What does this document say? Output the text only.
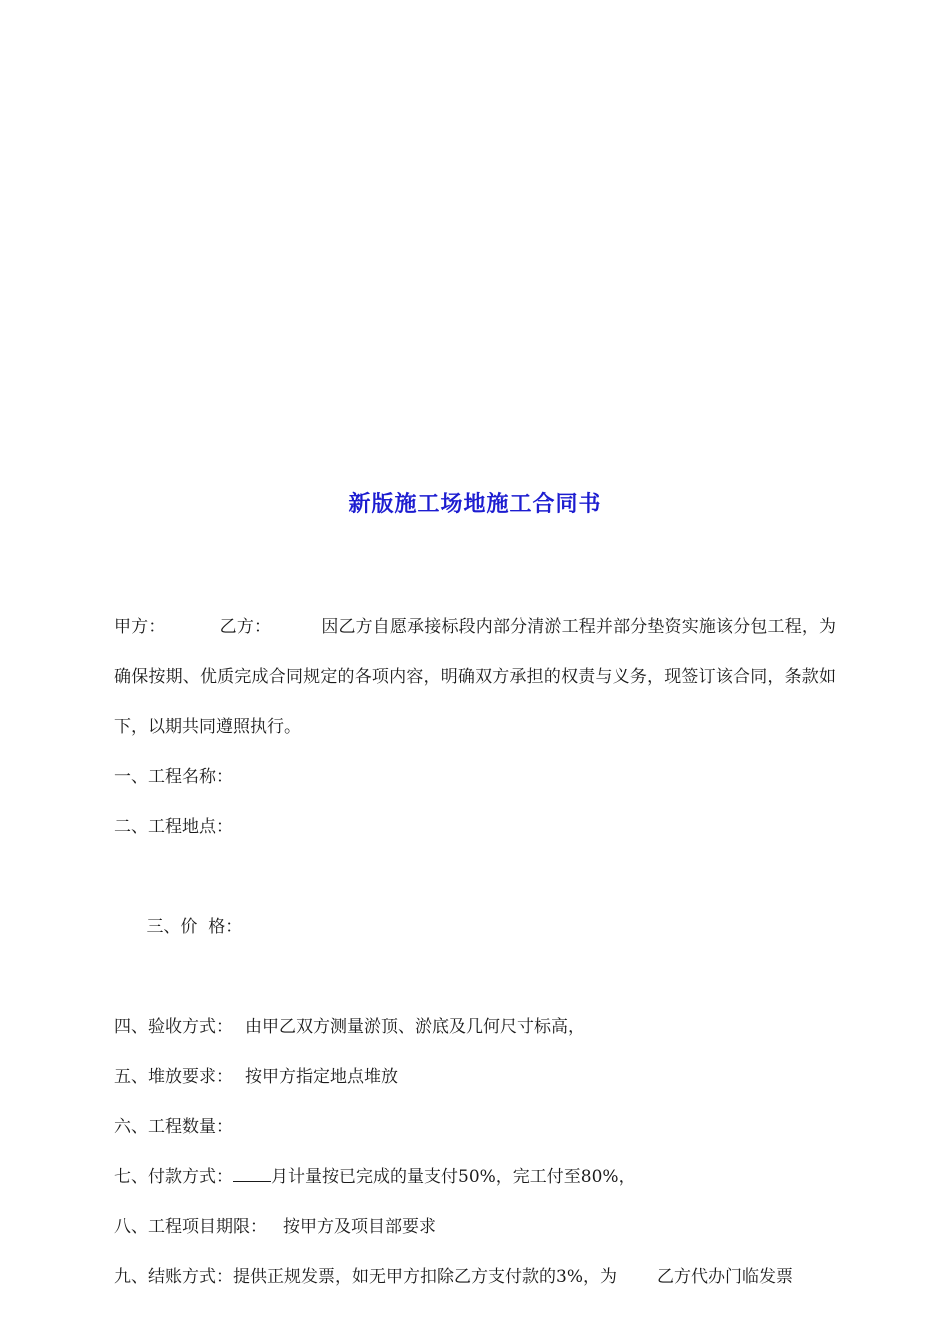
新版施工场地施工合同书

甲方：	乙方：	因乙方自愿承接标段内部分清淤工程并部分垫资实施该分包工程，为确保按期、优质完成合同规定的各项内容，明确双方承担的权责与义务，现签订该合同，条款如下，以期共同遵照执行。

一、工程名称：
二、工程地点：

三、价  格：

四、验收方式： 由甲乙双方测量淤顶、淤底及几何尺寸标高，
五、堆放要求： 按甲方指定地点堆放
六、工程数量：
七、付款方式： 月计量按已完成的量支付50%，完工付至80%，
八、工程项目期限： 按甲方及项目部要求
九、结账方式：提供正规发票，如无甲方扣除乙方支付款的3%，为 乙方代办门临发票
